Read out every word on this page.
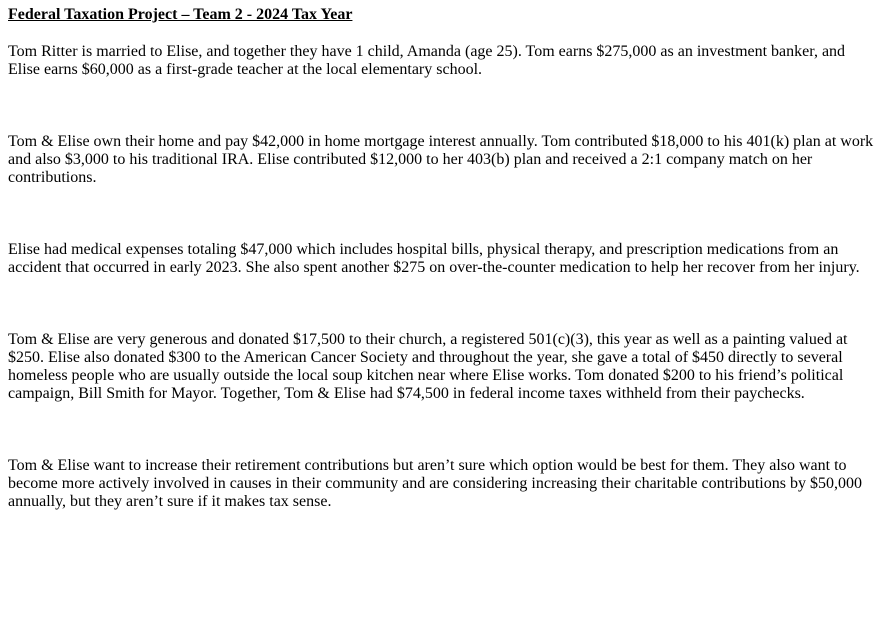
Federal Taxation Project – Team 2 - 2024 Tax Year

Tom Ritter is married to Elise, and together they have 1 child, Amanda (age 25). Tom earns $275,000 as an investment banker, and Elise earns $60,000 as a first-grade teacher at the local elementary school.

Tom & Elise own their home and pay $42,000 in home mortgage interest annually. Tom contributed $18,000 to his 401(k) plan at work and also $3,000 to his traditional IRA. Elise contributed $12,000 to her 403(b) plan and received a 2:1 company match on her contributions.

Elise had medical expenses totaling $47,000 which includes hospital bills, physical therapy, and prescription medications from an accident that occurred in early 2023. She also spent another $275 on over-the-counter medication to help her recover from her injury.

Tom & Elise are very generous and donated $17,500 to their church, a registered 501(c)(3), this year as well as a painting valued at $250. Elise also donated $300 to the American Cancer Society and throughout the year, she gave a total of $450 directly to several homeless people who are usually outside the local soup kitchen near where Elise works. Tom donated $200 to his friend’s political campaign, Bill Smith for Mayor. Together, Tom & Elise had $74,500 in federal income taxes withheld from their paychecks.

Tom & Elise want to increase their retirement contributions but aren’t sure which option would be best for them. They also want to become more actively involved in causes in their community and are considering increasing their charitable contributions by $50,000 annually, but they aren’t sure if it makes tax sense.
